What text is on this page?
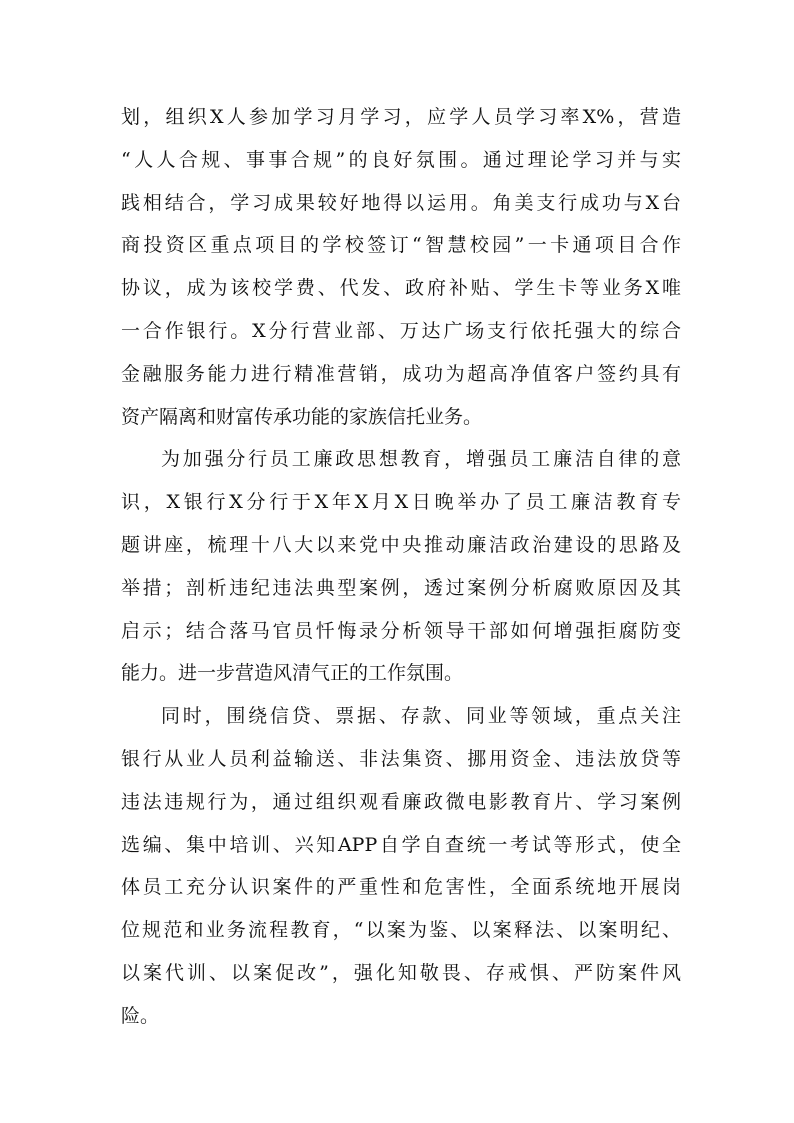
划，组织X人参加学习月学习，应学人员学习率X%，营造
“人人合规、事事合规”的良好氛围。通过理论学习并与实
践相结合，学习成果较好地得以运用。角美支行成功与X台
商投资区重点项目的学校签订“智慧校园”一卡通项目合作
协议，成为该校学费、代发、政府补贴、学生卡等业务X唯
一合作银行。X分行营业部、万达广场支行依托强大的综合
金融服务能力进行精准营销，成功为超高净值客户签约具有
资产隔离和财富传承功能的家族信托业务。
为加强分行员工廉政思想教育，增强员工廉洁自律的意
识，X银行X分行于X年X月X日晚举办了员工廉洁教育专
题讲座，梳理十八大以来党中央推动廉洁政治建设的思路及
举措；剖析违纪违法典型案例，透过案例分析腐败原因及其
启示；结合落马官员忏悔录分析领导干部如何增强拒腐防变
能力。进一步营造风清气正的工作氛围。
同时，围绕信贷、票据、存款、同业等领域，重点关注
银行从业人员利益输送、非法集资、挪用资金、违法放贷等
违法违规行为，通过组织观看廉政微电影教育片、学习案例
选编、集中培训、兴知APP自学自查统一考试等形式，使全
体员工充分认识案件的严重性和危害性，全面系统地开展岗
位规范和业务流程教育，“以案为鉴、以案释法、以案明纪、
以案代训、以案促改”，强化知敬畏、存戒惧、严防案件风
险。
